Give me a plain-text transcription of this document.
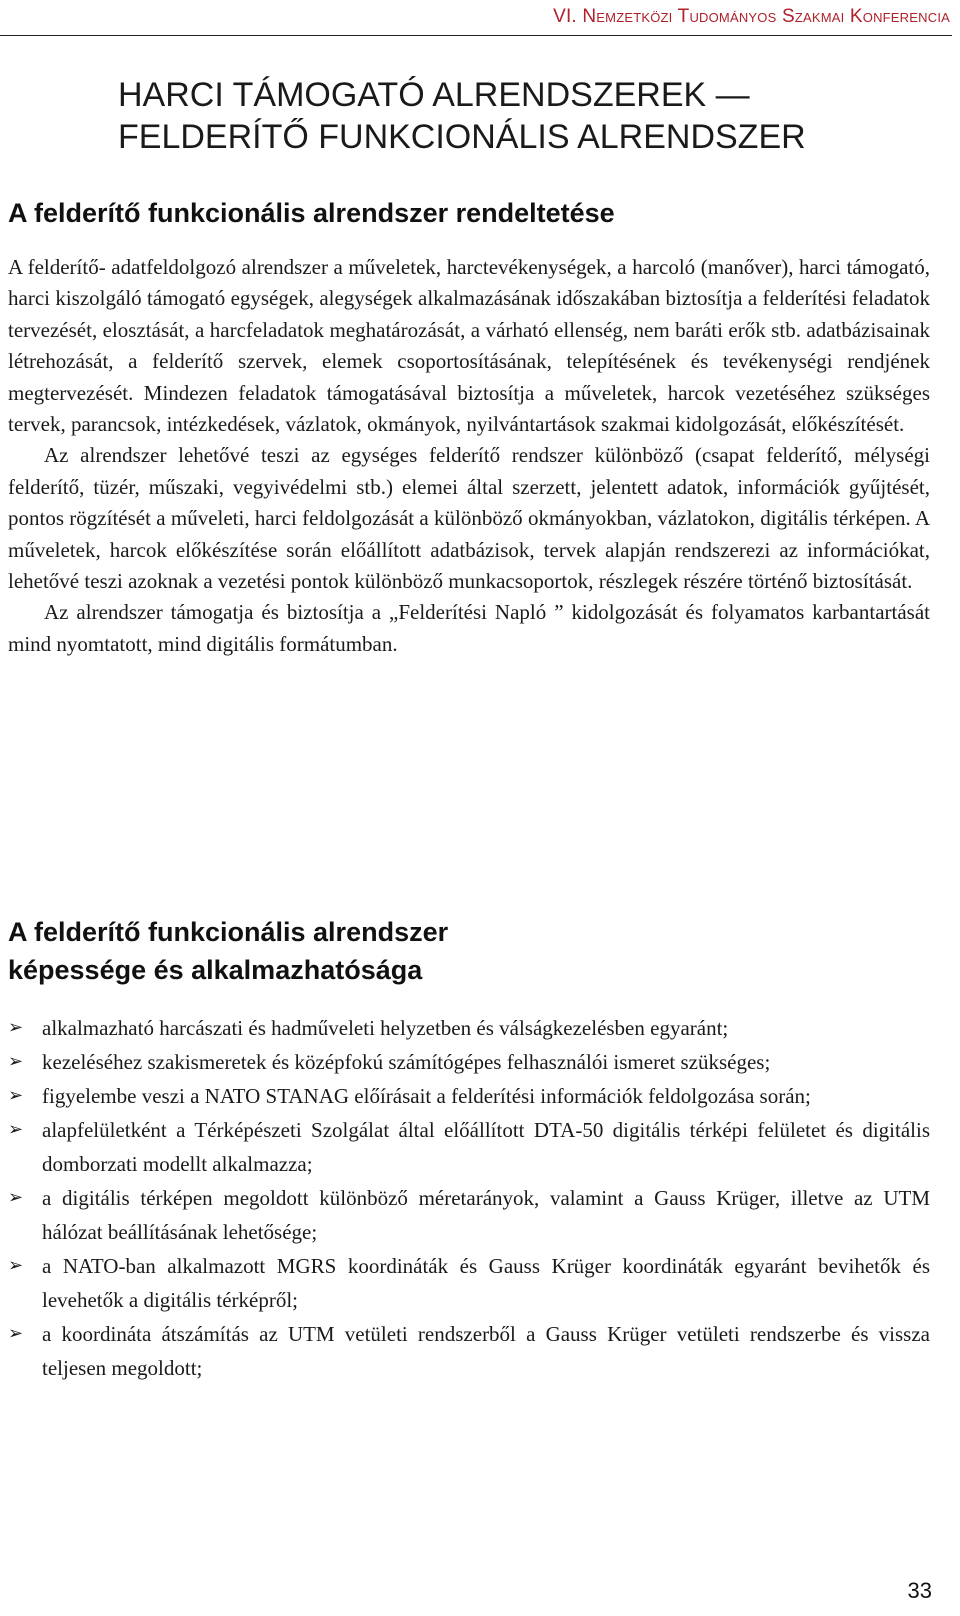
VI. Nemzetközi Tudományos Szakmai Konferencia
HARCI TÁMOGATÓ ALRENDSZEREK —
FELDERÍTŐ FUNKCIONÁLIS ALRENDSZER
A felderítő funkcionális alrendszer rendeltetése

A felderítő- adatfeldolgozó alrendszer a műveletek, harctevékenységek, a harcoló (manőver), harci támogató, harci kiszolgáló támogató egységek, alegységek alkalmazásának időszakában biztosítja a felderítési feladatok tervezését, elosztását, a harcfeladatok meghatározását, a várható ellenség, nem baráti erők stb. adatbázisainak létrehozását, a felderítő szervek, elemek csoportosításának, telepítésének és tevékenységi rendjének megtervezését. Mindezen feladatok támogatásával biztosítja a műveletek, harcok vezetéséhez szükséges tervek, parancsok, intézkedések, vázlatok, okmányok, nyilvántartások szakmai kidolgozását, előkészítését.

Az alrendszer lehetővé teszi az egységes felderítő rendszer különböző (csapat felderítő, mélységi felderítő, tüzér, műszaki, vegyivédelmi stb.) elemei által szerzett, jelentett adatok, információk gyűjtését, pontos rögzítését a műveleti, harci feldolgozását a különböző okmányokban, vázlatokon, digitális térképen. A műveletek, harcok előkészítése során előállított adatbázisok, tervek alapján rendszerezi az információkat, lehetővé teszi azoknak a vezetési pontok különböző munkacsoportok, részlegek részére történő biztosítását.

Az alrendszer támogatja és biztosítja a „Felderítési Napló ” kidolgozását és folyamatos karbantartását mind nyomtatott, mind digitális formátumban.

A felderítő funkcionális alrendszer
képessége és alkalmazhatósága
➢ alkalmazható harcászati és hadműveleti helyzetben és válságkezelésben egyaránt;
➢ kezeléséhez szakismeretek és középfokú számítógépes felhasználói ismeret szükséges;
➢ figyelembe veszi a NATO STANAG előírásait a felderítési információk feldolgozása során;
➢ alapfelületként a Térképészeti Szolgálat által előállított DTA-50 digitális térképi felületet és digitális domborzati modellt alkalmazza;
➢ a digitális térképen megoldott különböző méretarányok, valamint a Gauss Krüger, illetve az UTM hálózat beállításának lehetősége;
➢ a NATO-ban alkalmazott MGRS koordináták és Gauss Krüger koordináták egyaránt bevihetők és levehetők a digitális térképről;
➢ a koordináta átszámítás az UTM vetületi rendszerből a Gauss Krüger vetületi rendszerbe és vissza teljesen megoldott;
33
